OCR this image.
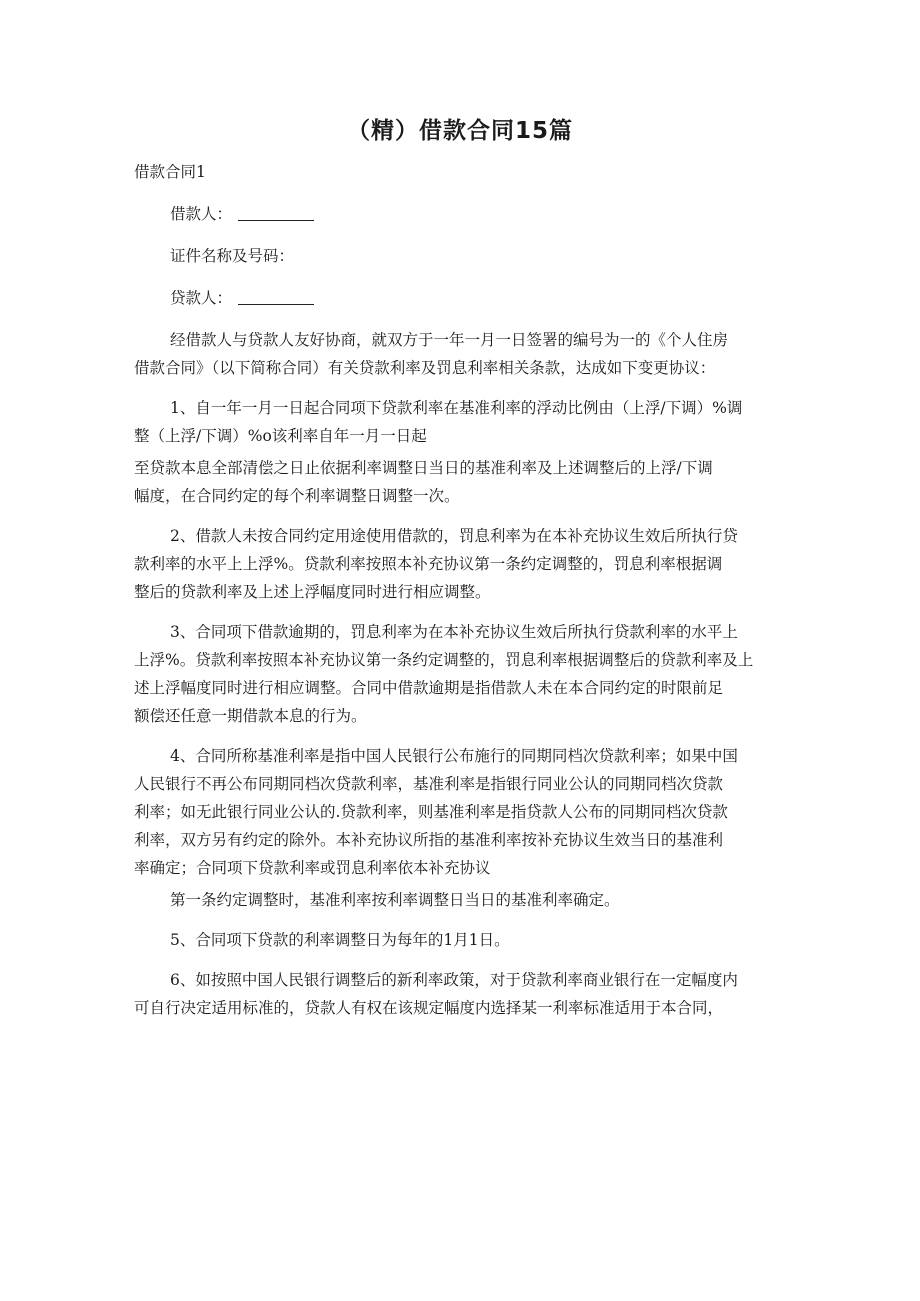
（精）借款合同15篇

借款合同1

借款人：

证件名称及号码：

贷款人：

经借款人与贷款人友好协商，就双方于一年一月一日签署的编号为一的《个人住房

借款合同》（以下简称合同）有关贷款利率及罚息利率相关条款，达成如下变更协议：

1、自一年一月一日起合同项下贷款利率在基准利率的浮动比例由（上浮/下调）%调

整（上浮/下调）%o该利率自年一月一日起

至贷款本息全部清偿之日止依据利率调整日当日的基准利率及上述调整后的上浮/下调

幅度，在合同约定的每个利率调整日调整一次。

2、借款人未按合同约定用途使用借款的，罚息利率为在本补充协议生效后所执行贷

款利率的水平上上浮%。贷款利率按照本补充协议第一条约定调整的，罚息利率根据调

整后的贷款利率及上述上浮幅度同时进行相应调整。

3、合同项下借款逾期的，罚息利率为在本补充协议生效后所执行贷款利率的水平上

上浮%。贷款利率按照本补充协议第一条约定调整的，罚息利率根据调整后的贷款利率及上

述上浮幅度同时进行相应调整。合同中借款逾期是指借款人未在本合同约定的时限前足

额偿还任意一期借款本息的行为。

4、合同所称基准利率是指中国人民银行公布施行的同期同档次贷款利率；如果中国

人民银行不再公布同期同档次贷款利率，基准利率是指银行同业公认的同期同档次贷款

利率；如无此银行同业公认的.贷款利率，则基准利率是指贷款人公布的同期同档次贷款

利率，双方另有约定的除外。本补充协议所指的基准利率按补充协议生效当日的基准利

率确定；合同项下贷款利率或罚息利率依本补充协议

第一条约定调整时，基准利率按利率调整日当日的基准利率确定。

5、合同项下贷款的利率调整日为每年的1月1日。

6、如按照中国人民银行调整后的新利率政策，对于贷款利率商业银行在一定幅度内

可自行决定适用标准的，贷款人有权在该规定幅度内选择某一利率标准适用于本合同，
